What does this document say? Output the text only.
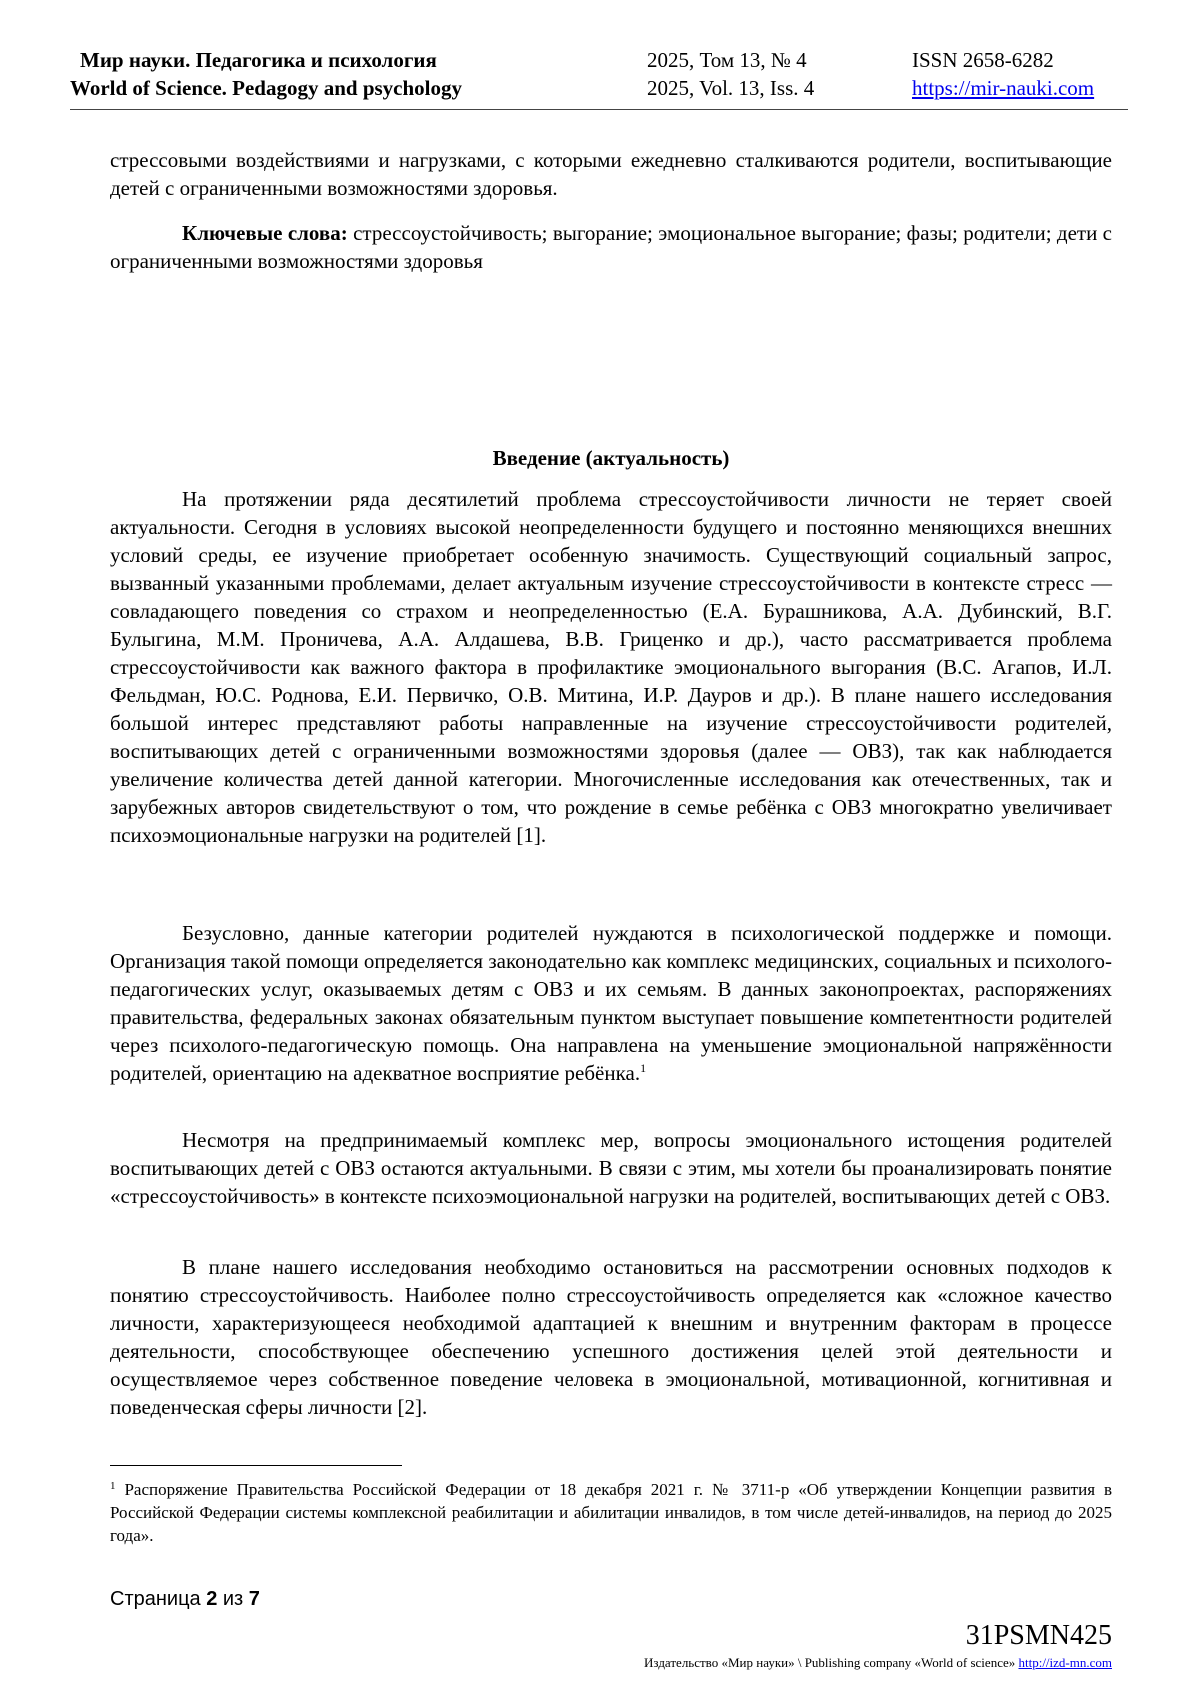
Мир науки. Педагогика и психология
World of Science. Pedagogy and psychology
2025, Том 13, № 4
2025, Vol. 13, Iss. 4
ISSN 2658-6282
https://mir-nauki.com

стрессовыми воздействиями и нагрузками, с которыми ежедневно сталкиваются родители, воспитывающие детей с ограниченными возможностями здоровья.

Ключевые слова: стрессоустойчивость; выгорание; эмоциональное выгорание; фазы; родители; дети с ограниченными возможностями здоровья

Введение (актуальность)

На протяжении ряда десятилетий проблема стрессоустойчивости личности не теряет своей актуальности. Сегодня в условиях высокой неопределенности будущего и постоянно меняющихся внешних условий среды, ее изучение приобретает особенную значимость. Существующий социальный запрос, вызванный указанными проблемами, делает актуальным изучение стрессоустойчивости в контексте стресс — совладающего поведения со страхом и неопределенностью (Е.А. Бурашникова, А.А. Дубинский, В.Г. Булыгина, М.М. Проничева, А.А. Алдашева, В.В. Гриценко и др.), часто рассматривается проблема стрессоустойчивости как важного фактора в профилактике эмоционального выгорания (В.С. Агапов, И.Л. Фельдман, Ю.С. Роднова, Е.И. Первичко, О.В. Митина, И.Р. Дауров и др.). В плане нашего исследования большой интерес представляют работы направленные на изучение стрессоустойчивости родителей, воспитывающих детей с ограниченными возможностями здоровья (далее — ОВЗ), так как наблюдается увеличение количества детей данной категории. Многочисленные исследования как отечественных, так и зарубежных авторов свидетельствуют о том, что рождение в семье ребёнка с ОВЗ многократно увеличивает психоэмоциональные нагрузки на родителей [1].

Безусловно, данные категории родителей нуждаются в психологической поддержке и помощи. Организация такой помощи определяется законодательно как комплекс медицинских, социальных и психолого-педагогических услуг, оказываемых детям с ОВЗ и их семьям. В данных законопроектах, распоряжениях правительства, федеральных законах обязательным пунктом выступает повышение компетентности родителей через психолого-педагогическую помощь. Она направлена на уменьшение эмоциональной напряжённости родителей, ориентацию на адекватное восприятие ребёнка.$^1$

Несмотря на предпринимаемый комплекс мер, вопросы эмоционального истощения родителей воспитывающих детей с ОВЗ остаются актуальными. В связи с этим, мы хотели бы проанализировать понятие «стрессоустойчивость» в контексте психоэмоциональной нагрузки на родителей, воспитывающих детей с ОВЗ.

В плане нашего исследования необходимо остановиться на рассмотрении основных подходов к понятию стрессоустойчивость. Наиболее полно стрессоустойчивость определяется как «сложное качество личности, характеризующееся необходимой адаптацией к внешним и внутренним факторам в процессе деятельности, способствующее обеспечению успешного достижения целей этой деятельности и осуществляемое через собственное поведение человека в эмоциональной, мотивационной, когнитивная и поведенческая сферы личности [2].

$^1$ Распоряжение Правительства Российской Федерации от 18 декабря 2021 г. № 3711-р «Об утверждении Концепции развития в Российской Федерации системы комплексной реабилитации и абилитации инвалидов, в том числе детей-инвалидов, на период до 2025 года».

Страница 2 из 7
31PSMN425
Издательство «Мир науки» \ Publishing company «World of science» http://izd-mn.com
